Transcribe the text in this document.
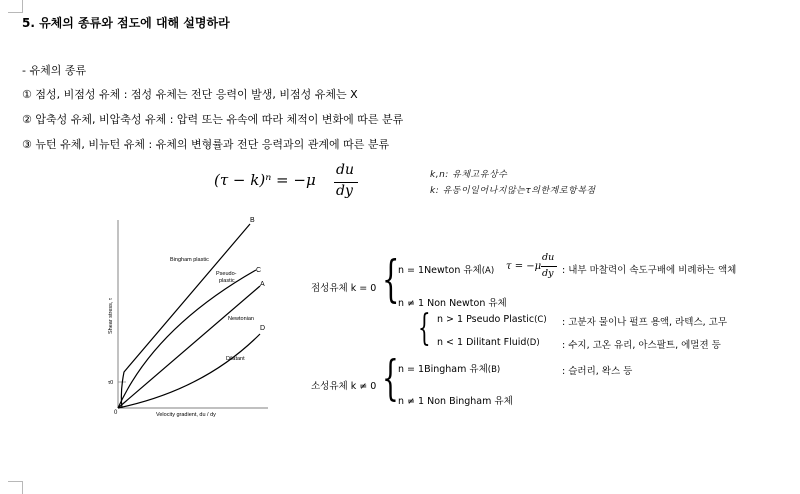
5. 유체의 종류와 점도에 대해 설명하라
- 유체의 종류
① 점성, 비점성 유체 : 점성 유체는 전단 응력이 발생, 비점성 유체는 X
② 압축성 유체, 비압축성 유체 : 압력 또는 유속에 따라 체적이 변화에 따른 분류
③ 뉴턴 유체, 비뉴턴 유체 : 유체의 변형률과 전단 응력과의 관계에 따른 분류
(τ − k)ⁿ = −μ
du
dy
k,n: 유체고유상수
k: 유동이일어나지않는τ의한계로항복점
B
C
A
D
Bingham plastic
Pseudo- plastic
Newtonian
Dilatant
τ0
0	Velocity gradient, du / dy
Shear stress, τ
점성유체 k = 0 {
n = 1Newton 유체(A) τ = −μ
du
dy : 내부 마찰력이 속도구배에 비례하는 액체
n ≠ 1 Non Newton 유체
{ n > 1 Pseudo Plastic(C) : 고분자 물이나 펄프 용액, 라텍스, 고무
n < 1 Dilitant Fluid(D) : 수지, 고온 유리, 아스팔트, 에멀젼 등
소성유체 k ≠ 0 { n = 1Bingham 유체(B)	: 슬러리, 왁스 등
n ≠ 1 Non Bingham 유체
